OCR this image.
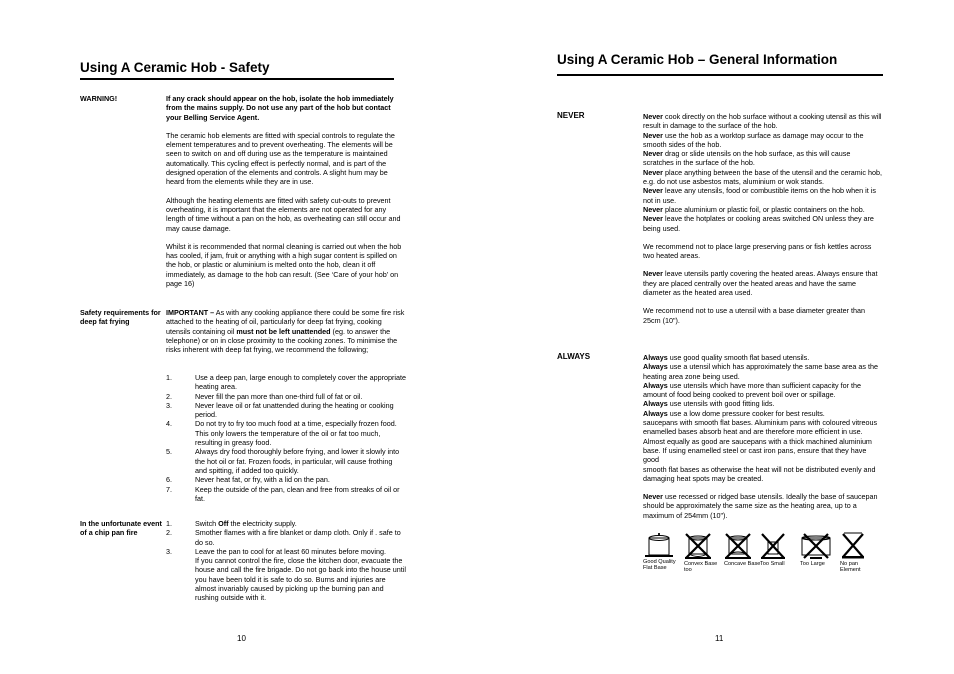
Using A Ceramic Hob - Safety
WARNING!	If any crack should appear on the hob, isolate the hob immediately from the mains supply. Do not use any part of the hob but contact your Belling Service Agent.

The ceramic hob elements are fitted with special controls to regulate the element temperatures and to prevent overheating. The elements will be seen to switch on and off during use as the temperature is maintained automatically. This cycling effect is perfectly normal, and is part of the designed operation of the elements and controls. A slight hum may be heard from the elements while they are in use.

Although the heating elements are fitted with safety cut-outs to prevent overheating, it is important that the elements are not operated for any length of time without a pan on the hob, as overheating can still occur and may cause damage.

Whilst it is recommended that normal cleaning is carried out when the hob has cooled, if jam, fruit or anything with a high sugar content is spilled on the hob, or plastic or aluminium is melted onto the hob, clean it off immediately, as damage to the hob can result. (See ‘Care of your hob’ on page 16)

Safety requirements for deep fat frying

IMPORTANT – As with any cooking appliance there could be some fire risk attached to the heating of oil, particularly for deep fat frying, cooking utensils containing oil must not be left unattended (eg. to answer the telephone) or on in close proximity to the cooking zones. To minimise the risks inherent with deep fat frying, we recommend the following;

1.	Use a deep pan, large enough to completely cover the appropriate heating area.
2.	Never fill the pan more than one-third full of fat or oil.
3.	Never leave oil or fat unattended during the heating or cooking period.
4.	Do not try to fry too much food at a time, especially frozen food.
This only lowers the temperature of the oil or fat too much, resulting in greasy food.
5.	Always dry food thoroughly before frying, and lower it slowly into the hot oil or fat. Frozen foods, in particular, will cause frothing and spitting, if added too quickly.
6.	Never heat fat, or fry, with a lid on the pan.
7.	Keep the outside of the pan, clean and free from streaks of oil or fat.
In the unfortunate event of a chip pan fire
1.	Switch Off the electricity supply.
2.	Smother flames with a fire blanket or damp cloth. Only if . safe to do so.
3.	Leave the pan to cool for at least 60 minutes before moving.
If you cannot control the fire, close the kitchen door, evacuate the house and call the fire brigade. Do not go back into the house until you have been told it is safe to do so. Burns and injuries are almost invariably caused by picking up the burning pan and rushing outside with it.
10
Using A Ceramic Hob – General Information
NEVER	Never cook directly on the hob surface without a cooking utensil as this will result in damage to the surface of the hob.

Never use the hob as a worktop surface as damage may occur to the smooth sides of the hob.

Never drag or slide utensils on the hob surface, as this will cause scratches in the surface of the hob.

Never place anything between the base of the utensil and the ceramic hob, e.g. do not use asbestos mats, aluminium or wok stands.

Never leave any utensils, food or combustible items on the hob when it is not in use.

Never place aluminium or plastic foil, or plastic containers on the hob.

Never leave the hotplates or cooking areas switched ON unless they are being used.

We recommend not to place large preserving pans or fish kettles across two heated areas.

Never leave utensils partly covering the heated areas. Always ensure that they are placed centrally over the heated areas and have the same diameter as the heated area used.

We recommend not to use a utensil with a base diameter greater than 25cm (10").

ALWAYS	Always use good quality smooth flat based utensils.

Always use a utensil which has approximately the same base area as the heating area zone being used.

Always use utensils which have more than sufficient capacity for the amount of food being cooked to prevent boil over or spillage.

Always use utensils with good fitting lids.

Always use a low dome pressure cooker for best results.

saucepans with smooth flat bases. Aluminium pans with coloured vitreous enamelled bases absorb heat and are therefore more efficient in use. Almost equally as good are saucepans with a thick machined aluminium base. If using enamelled steel or cast iron pans, ensure that they have good

smooth flat bases as otherwise the heat will not be distributed evenly and damaging heat spots may be created.

Never use recessed or ridged base utensils. Ideally the base of saucepan should be approximately the same size as the heating area, up to a maximum of 254mm (10").

Good Quality Flat Base
Convex Base too
Concave Base Too Small	Too Large	No pan Element
11
